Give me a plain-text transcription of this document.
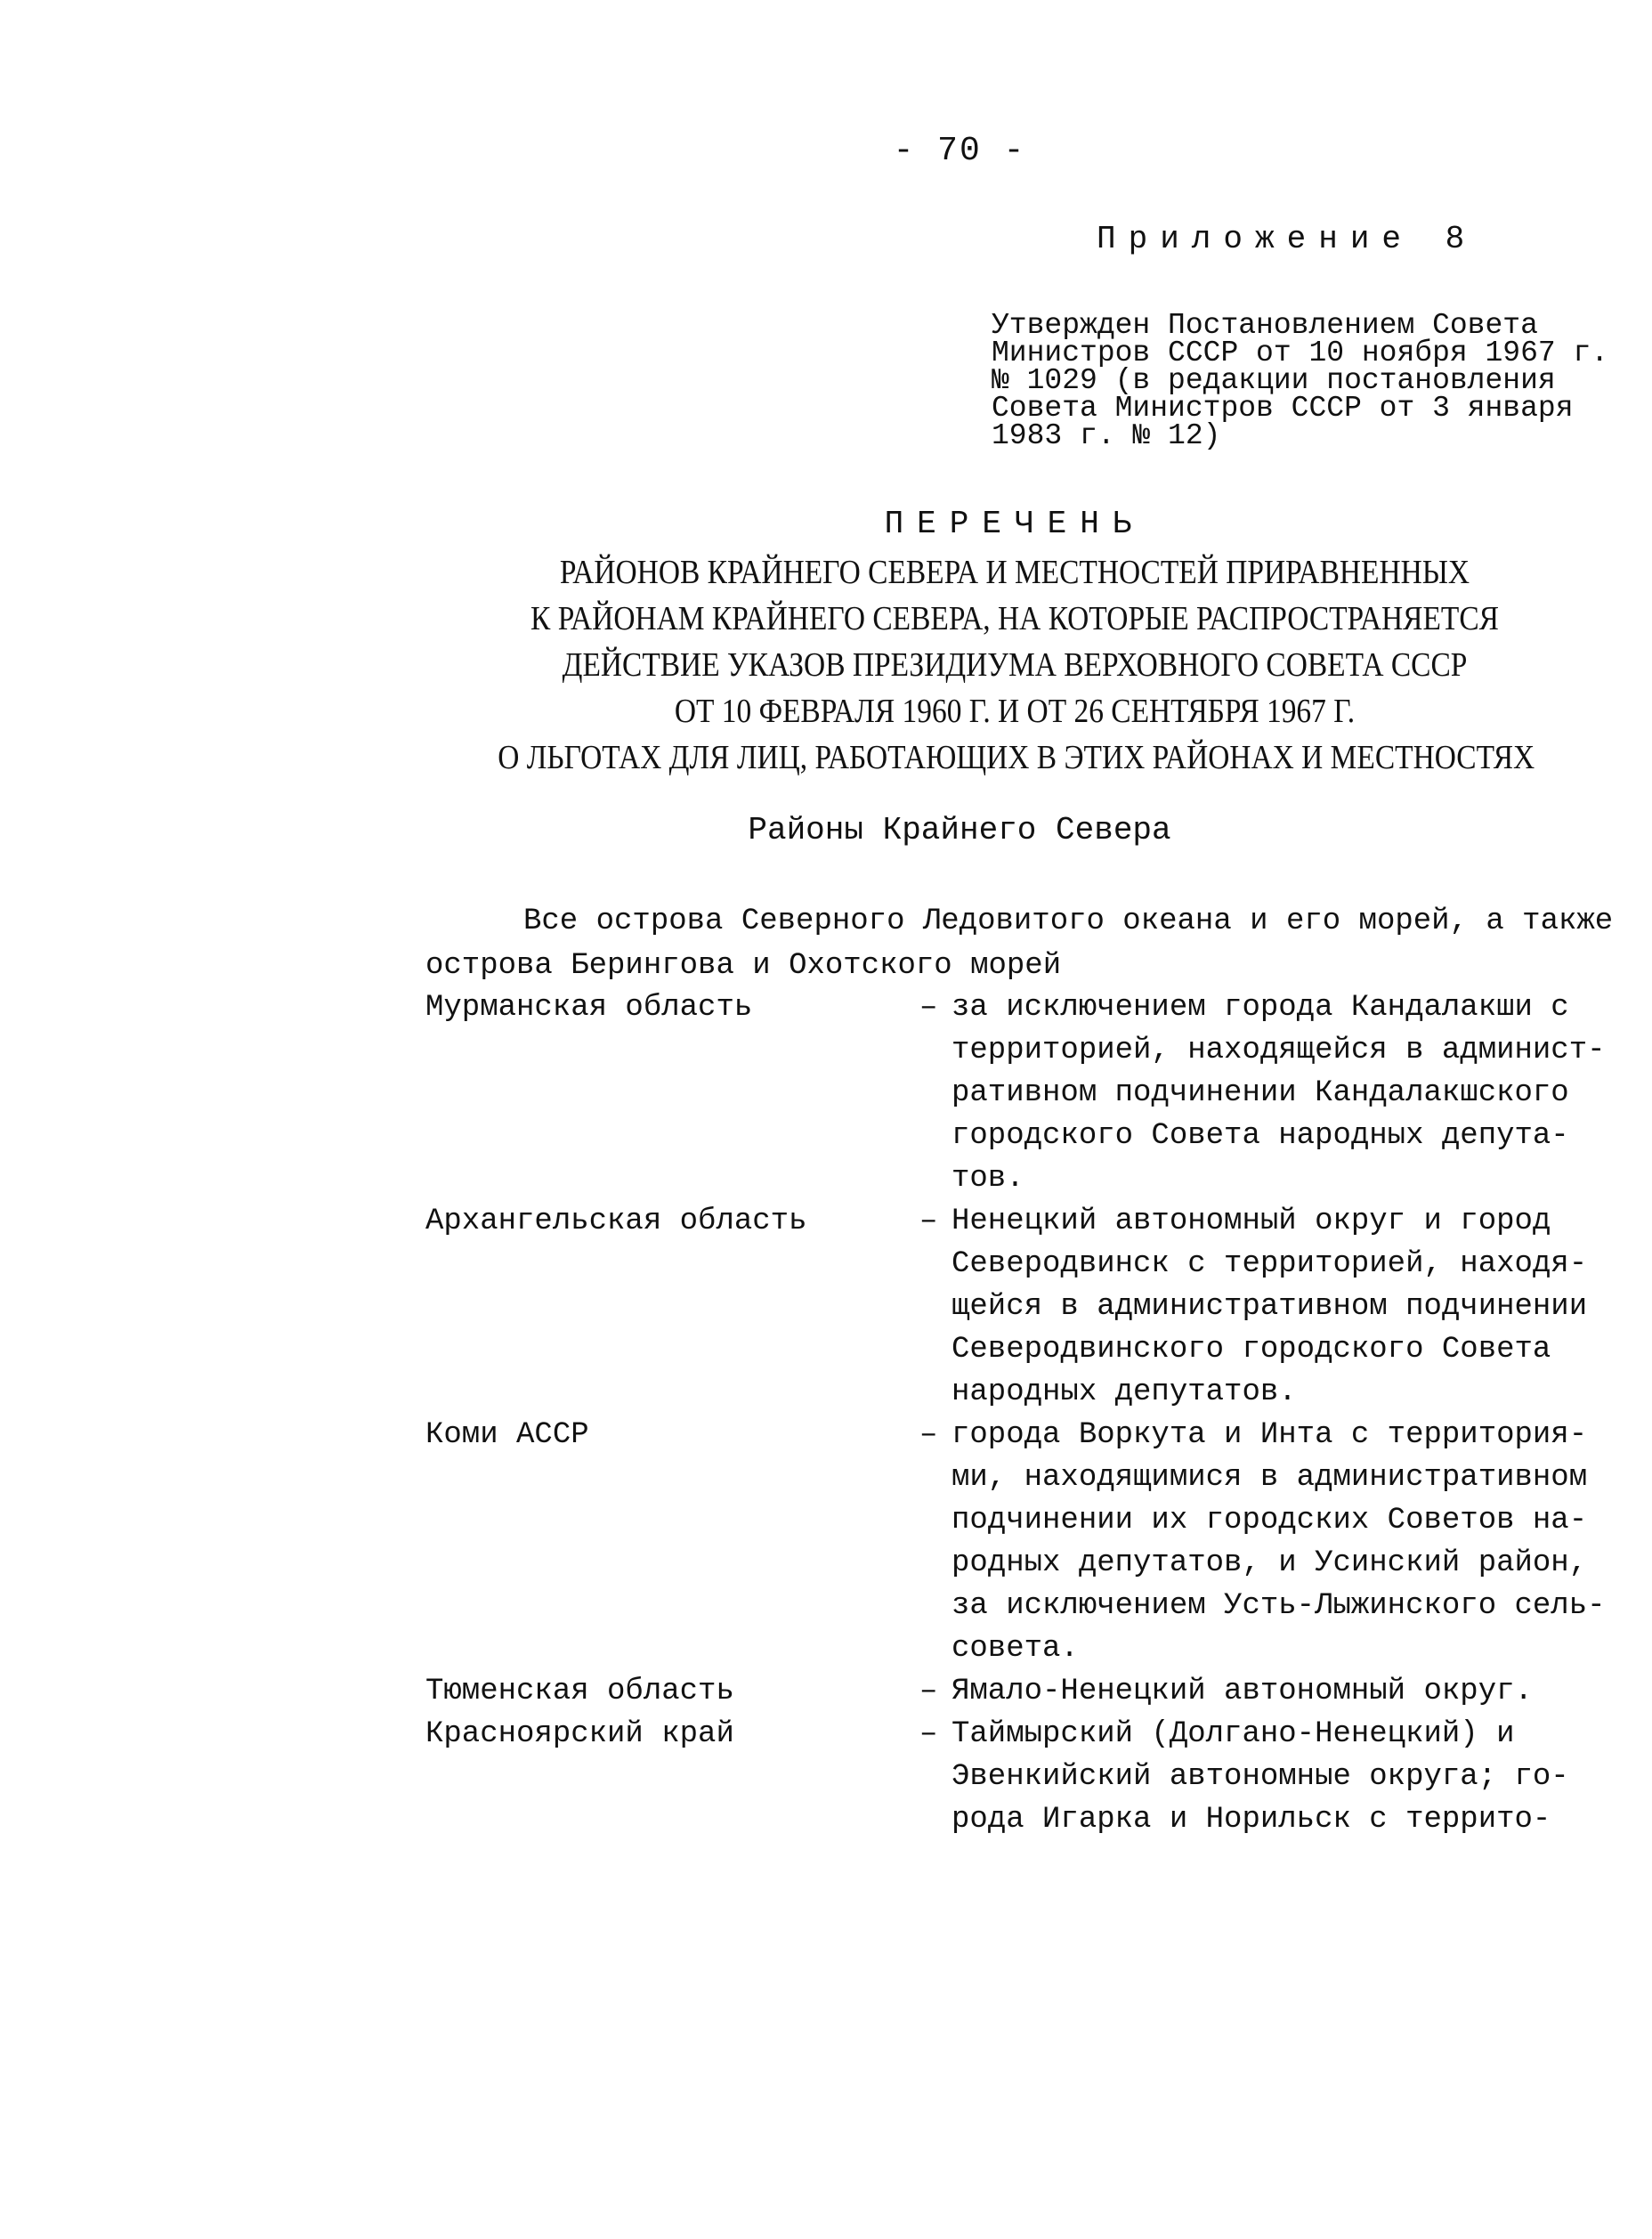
- 70 -
Приложение 8
Утвержден Постановлением Совета
Министров СССР от 10 ноября 1967 г.
№ 1029 (в редакции постановления
Совета Министров СССР от 3 января
1983 г. № 12)
ПЕРЕЧЕНЬ
РАЙОНОВ КРАЙНЕГО СЕВЕРА И МЕСТНОСТЕЙ ПРИРАВНЕННЫХ
К РАЙОНАМ КРАЙНЕГО СЕВЕРА, НА КОТОРЫЕ РАСПРОСТРАНЯЕТСЯ
ДЕЙСТВИЕ УКАЗОВ ПРЕЗИДИУМА ВЕРХОВНОГО СОВЕТА СССР
ОТ 10 ФЕВРАЛЯ 1960 Г. И ОТ 26 СЕНТЯБРЯ 1967 Г.
О ЛЬГОТАХ ДЛЯ ЛИЦ, РАБОТАЮЩИХ В ЭТИХ РАЙОНАХ И МЕСТНОСТЯХ
Районы Крайнего Севера
Все острова Северного Ледовитого океана и его морей, а также
острова Берингова и Охотского морей
Мурманская область	– за исключением города Кандалакши с
территорией, находящейся в админист-
ративном подчинении Кандалакшского
городского Совета народных депута-
тов.
Архангельская область	– Ненецкий автономный округ и город
Северодвинск с территорией, находя-
щейся в административном подчинении
Северодвинского городского Совета
народных депутатов.
Коми АССР	– города Воркута и Инта с территория-
ми, находящимися в административном
подчинении их городских Советов на-
родных депутатов, и Усинский район,
за исключением Усть-Лыжинского сель-
совета.
Тюменская область	– Ямало-Ненецкий автономный округ.
Красноярский край	– Таймырский (Долгано-Ненецкий) и
Эвенкийский автономные округа; го-
рода Игарка и Норильск с террито-
